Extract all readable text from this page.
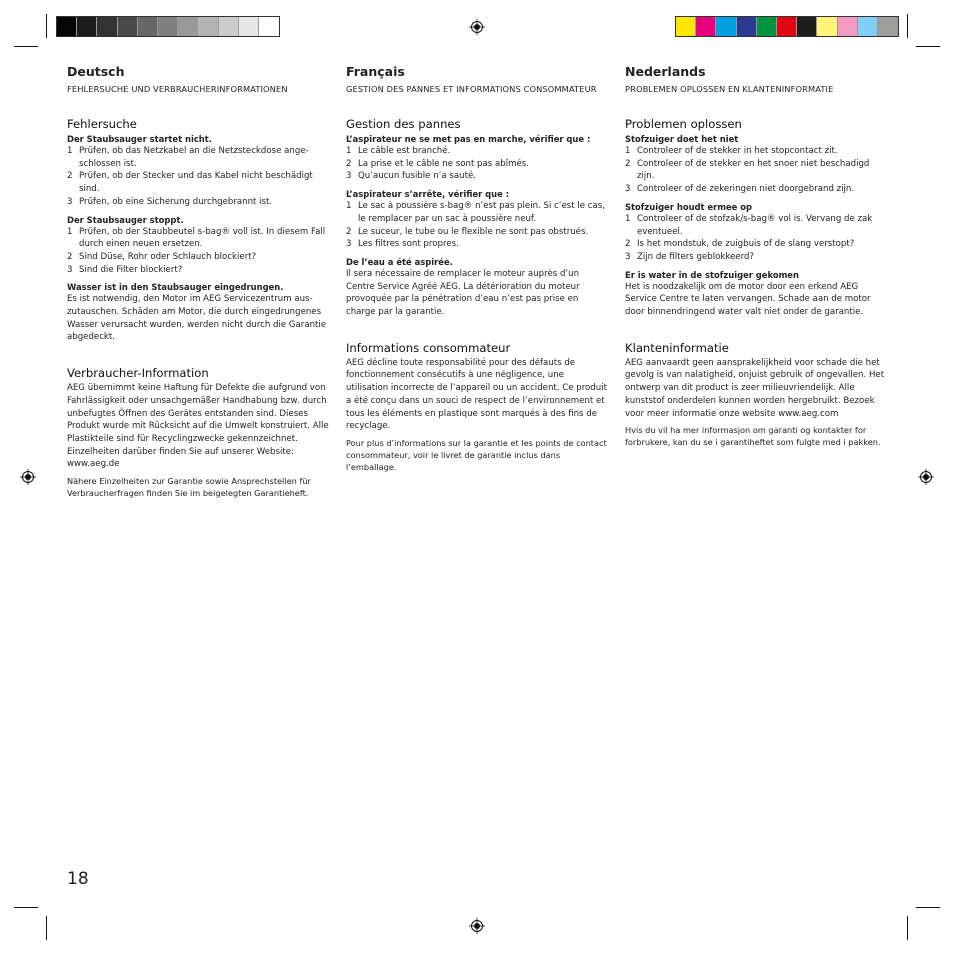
Deutsch

FEHLERSUCHE UND VERBRAUCHERINFORMATIONEN

Fehlersuche
Der Staubsauger startet nicht.
1 Prüfen, ob das Netzkabel an die Netzsteckdose ange-schlossen ist.
2 Prüfen, ob der Stecker und das Kabel nicht beschädigt sind.
3 Prüfen, ob eine Sicherung durchgebrannt ist.
Der Staubsauger stoppt.
1 Prüfen, ob der Staubbeutel s-bag® voll ist. In diesem Fall durch einen neuen ersetzen.
2 Sind Düse, Rohr oder Schlauch blockiert?
3 Sind die Filter blockiert?
Wasser ist in den Staubsauger eingedrungen.

Es ist notwendig, den Motor im AEG Servicezentrum aus-zutauschen. Schäden am Motor, die durch eingedrungenes Wasser verursacht wurden, werden nicht durch die Garantie abgedeckt.

Verbraucher-Information

AEG übernimmt keine Haftung für Defekte die aufgrund von Fahrlässigkeit oder unsachgemäßer Handhabung bzw. durch unbefugtes Öffnen des Gerätes entstanden sind. Dieses Produkt wurde mit Rücksicht auf die Umwelt konstruiert. Alle Plastikteile sind für Recyclingzwecke gekennzeichnet. Einzelheiten darüber finden Sie auf unserer Website: www.aeg.de

Nähere Einzelheiten zur Garantie sowie Ansprechstellen für Verbraucherfragen finden Sie im beigelegten Garantieheft.

Français

GESTION DES PANNES ET INFORMATIONS CONSOMMATEUR

Gestion des pannes
L’aspirateur ne se met pas en marche, vérifier que :
1 Le câble est branché.
2 La prise et le câble ne sont pas abîmés.
3 Qu’aucun fusible n’a sauté.
L’aspirateur s’arrête, vérifier que :
1 Le sac à poussière s-bag® n’est pas plein. Si c’est le cas, le remplacer par un sac à poussière neuf.
2 Le suceur, le tube ou le flexible ne sont pas obstrués.
3 Les filtres sont propres.
De l’eau a été aspirée.

Il sera nécessaire de remplacer le moteur auprès d’un Centre Service Agréé AEG. La détérioration du moteur provoquée par la pénétration d’eau n’est pas prise en charge par la garantie.

Informations consommateur

AEG décline toute responsabilité pour des défauts de fonctionnement consécutifs à une négligence, une utilisation incorrecte de l’appareil ou un accident. Ce produit a été conçu dans un souci de respect de l’environnement et tous les éléments en plastique sont marqués à des fins de recyclage.

Pour plus d’informations sur la garantie et les points de contact consommateur, voir le livret de garantie inclus dans l’emballage.

Nederlands

PROBLEMEN OPLOSSEN EN KLANTENINFORMATIE

Problemen oplossen
Stofzuiger doet het niet
1 Controleer of de stekker in het stopcontact zit.
2 Controleer of de stekker en het snoer niet beschadigd zijn.
3 Controleer of de zekeringen niet doorgebrand zijn.
Stofzuiger houdt ermee op
1 Controleer of de stofzak/s-bag® vol is. Vervang de zak eventueel.
2 Is het mondstuk, de zuigbuis of de slang verstopt?
3 Zijn de filters geblokkeerd?
Er is water in de stofzuiger gekomen

Het is noodzakelijk om de motor door een erkend AEG Service Centre te laten vervangen. Schade aan de motor door binnendringend water valt niet onder de garantie.

Klanteninformatie

AEG aanvaardt geen aansprakelijkheid voor schade die het gevolg is van nalatigheid, onjuist gebruik of ongevallen. Het ontwerp van dit product is zeer milieuvriendelijk. Alle kunststof onderdelen kunnen worden hergebruikt. Bezoek voor meer informatie onze website www.aeg.com

Hvis du vil ha mer informasjon om garanti og kontakter for forbrukere, kan du se i garantiheftet som fulgte med i pakken.

18
